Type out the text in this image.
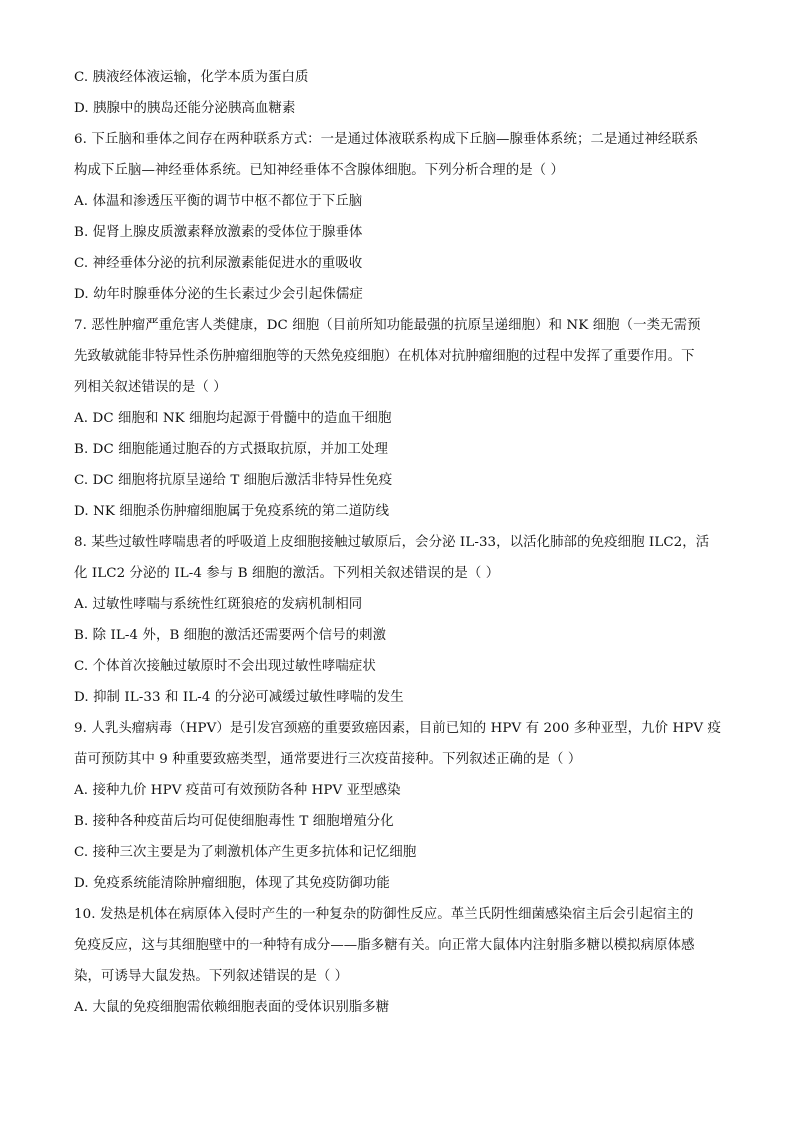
C. 胰液经体液运输，化学本质为蛋白质
D. 胰腺中的胰岛还能分泌胰高血糖素
6. 下丘脑和垂体之间存在两种联系方式：一是通过体液联系构成下丘脑—腺垂体系统；二是通过神经联系
构成下丘脑—神经垂体系统。已知神经垂体不含腺体细胞。下列分析合理的是（ ）
A. 体温和渗透压平衡的调节中枢不都位于下丘脑
B. 促肾上腺皮质激素释放激素的受体位于腺垂体
C. 神经垂体分泌的抗利尿激素能促进水的重吸收
D. 幼年时腺垂体分泌的生长素过少会引起侏儒症
7. 恶性肿瘤严重危害人类健康，DC 细胞（目前所知功能最强的抗原呈递细胞）和 NK 细胞（一类无需预
先致敏就能非特异性杀伤肿瘤细胞等的天然免疫细胞）在机体对抗肿瘤细胞的过程中发挥了重要作用。下
列相关叙述错误的是（ ）
A. DC 细胞和 NK 细胞均起源于骨髓中的造血干细胞
B. DC 细胞能通过胞吞的方式摄取抗原，并加工处理
C. DC 细胞将抗原呈递给 T 细胞后激活非特异性免疫
D. NK 细胞杀伤肿瘤细胞属于免疫系统的第二道防线
8. 某些过敏性哮喘患者的呼吸道上皮细胞接触过敏原后，会分泌 IL-33，以活化肺部的免疫细胞 ILC2，活
化 ILC2 分泌的 IL-4 参与 B 细胞的激活。下列相关叙述错误的是（ ）
A. 过敏性哮喘与系统性红斑狼疮的发病机制相同
B. 除 IL-4 外，B 细胞的激活还需要两个信号的刺激
C. 个体首次接触过敏原时不会出现过敏性哮喘症状
D. 抑制 IL-33 和 IL-4 的分泌可减缓过敏性哮喘的发生
9. 人乳头瘤病毒（HPV）是引发宫颈癌的重要致癌因素，目前已知的 HPV 有 200 多种亚型，九价 HPV 疫
苗可预防其中 9 种重要致癌类型，通常要进行三次疫苗接种。下列叙述正确的是（ ）
A. 接种九价 HPV 疫苗可有效预防各种 HPV 亚型感染
B. 接种各种疫苗后均可促使细胞毒性 T 细胞增殖分化
C. 接种三次主要是为了刺激机体产生更多抗体和记忆细胞
D. 免疫系统能清除肿瘤细胞，体现了其免疫防御功能
10. 发热是机体在病原体入侵时产生的一种复杂的防御性反应。革兰氏阴性细菌感染宿主后会引起宿主的
免疫反应，这与其细胞壁中的一种特有成分——脂多糖有关。向正常大鼠体内注射脂多糖以模拟病原体感
染，可诱导大鼠发热。下列叙述错误的是（ ）
A. 大鼠的免疫细胞需依赖细胞表面的受体识别脂多糖
